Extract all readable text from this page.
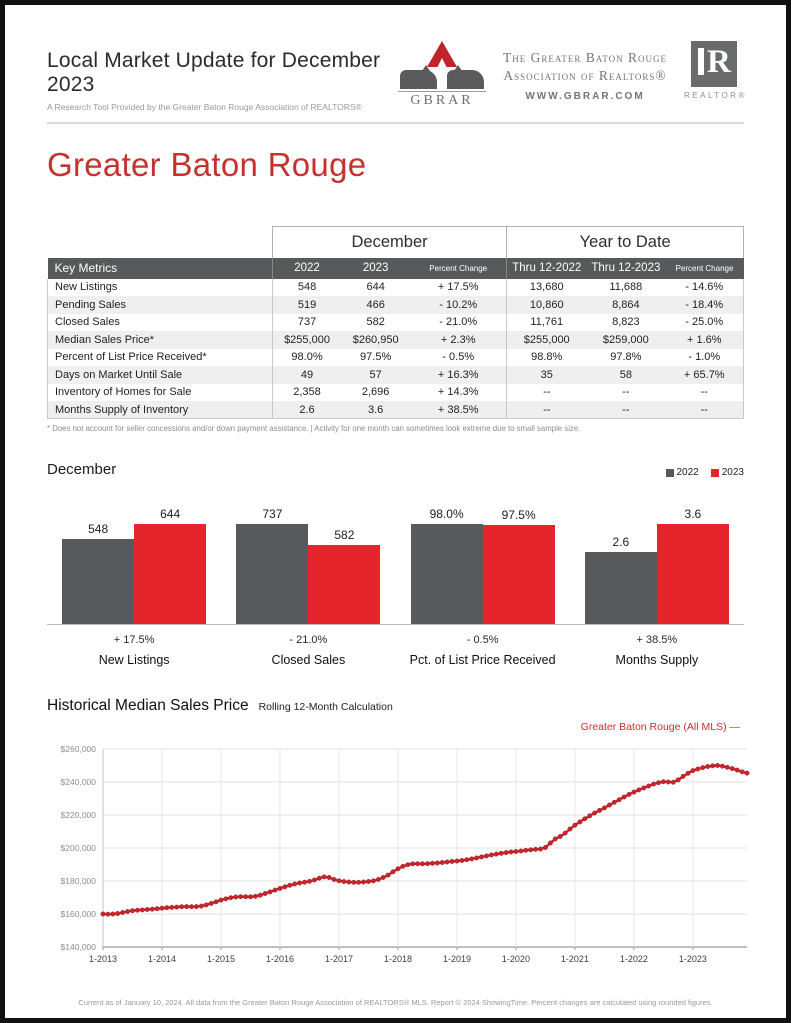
Local Market Update for December 2023
A Research Tool Provided by the Greater Baton Rouge Association of REALTORS®	GBRAR
The Greater Baton Rouge
Association of Realtors®
WWW.GBRAR.COM
R
REALTOR®
Greater Baton Rouge
	December			Year to Date		
Key Metrics	2022	2023	Percent Change	Thru 12-2022	Thru 12-2023	Percent Change
New Listings	548	644	+ 17.5%	13,680	11,688	- 14.6%
Pending Sales	519	466	- 10.2%	10,860	8,864	- 18.4%
Closed Sales	737	582	- 21.0%	11,761	8,823	- 25.0%
Median Sales Price*	$255,000	$260,950	+ 2.3%	$255,000	$259,000	+ 1.6%
Percent of List Price Received*	98.0%	97.5%	- 0.5%	98.8%	97.8%	- 1.0%
Days on Market Until Sale	49	57	+ 16.3%	35	58	+ 65.7%
Inventory of Homes for Sale	2,358	2,696	+ 14.3%	--	--	--
Months Supply of Inventory	2.6	3.6	+ 38.5%	--	--	--
* Does not account for seller concessions and/or down payment assistance. | Activity for one month can sometimes look extreme due to small sample size.
December	2022 2023
548
644	737
582
98.0%	97.5%
2.6
3.6
+ 17.5%
New Listings
- 21.0%
Closed Sales
- 0.5%
Pct. of List Price Received
+ 38.5%
Months Supply
Historical Median Sales Price Rolling 12-Month Calculation
Greater Baton Rouge (All MLS) —
$140,000
$160,000
$180,000
$200,000
$220,000
$240,000
$260,000
1-2013	1-2014	1-2015	1-2016	1-2017	1-2018	1-2019	1-2020	1-2021	1-2022	1-2023
Current as of January 10, 2024. All data from the Greater Baton Rouge Association of REALTORS® MLS. Report © 2024 ShowingTime. Percent changes are calculated using rounded figures.
